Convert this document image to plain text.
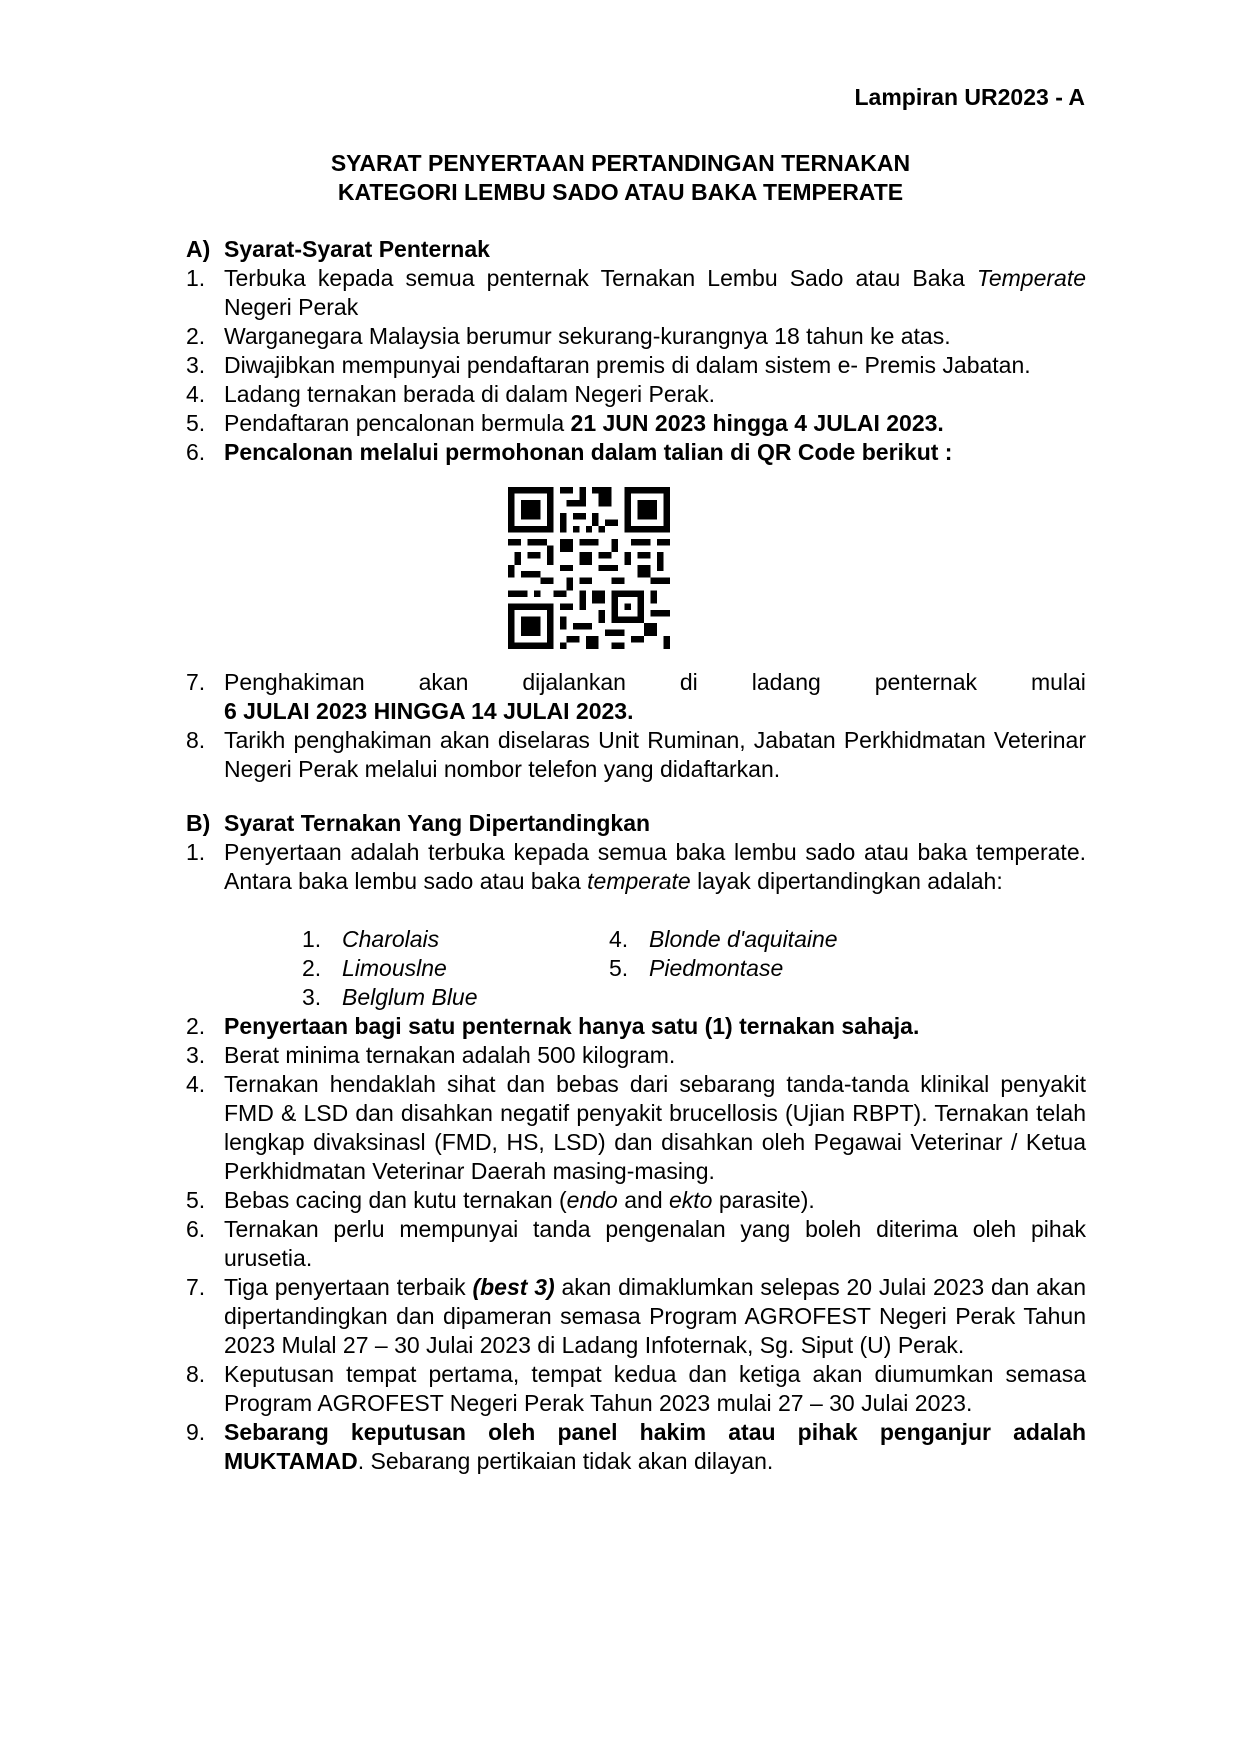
Lampiran UR2023 - A
SYARAT PENYERTAAN PERTANDINGAN TERNAKAN
KATEGORI LEMBU SADO ATAU BAKA TEMPERATE
A) Syarat-Syarat Penternak
1. Terbuka kepada semua penternak Ternakan Lembu Sado atau Baka Temperate Negeri Perak
2. Warganegara Malaysia berumur sekurang-kurangnya 18 tahun ke atas.
3. Diwajibkan mempunyai pendaftaran premis di dalam sistem e- Premis Jabatan.
4. Ladang ternakan berada di dalam Negeri Perak.
5. Pendaftaran pencalonan bermula 21 JUN 2023 hingga 4 JULAI 2023.
6. Pencalonan melalui permohonan dalam talian di QR Code berikut :
7. Penghakiman akan dijalankan di ladang penternak mulai
6 JULAI 2023 HINGGA 14 JULAI 2023.
8. Tarikh penghakiman akan diselaras Unit Ruminan, Jabatan Perkhidmatan Veterinar Negeri Perak melalui nombor telefon yang didaftarkan.
B) Syarat Ternakan Yang Dipertandingkan
1. Penyertaan adalah terbuka kepada semua baka lembu sado atau baka temperate. Antara baka lembu sado atau baka temperate layak dipertandingkan adalah:
1. Charolais
2. Limouslne
3. Belglum Blue
4. Blonde d'aquitaine
5. Piedmontase
2. Penyertaan bagi satu penternak hanya satu (1) ternakan sahaja.
3. Berat minima ternakan adalah 500 kilogram.
4. Ternakan hendaklah sihat dan bebas dari sebarang tanda-tanda klinikal penyakit FMD & LSD dan disahkan negatif penyakit brucellosis (Ujian RBPT). Ternakan telah lengkap divaksinasl (FMD, HS, LSD) dan disahkan oleh Pegawai Veterinar / Ketua Perkhidmatan Veterinar Daerah masing-masing.
5. Bebas cacing dan kutu ternakan (endo and ekto parasite).
6. Ternakan perlu mempunyai tanda pengenalan yang boleh diterima oleh pihak urusetia.
7. Tiga penyertaan terbaik (best 3) akan dimaklumkan selepas 20 Julai 2023 dan akan dipertandingkan dan dipameran semasa Program AGROFEST Negeri Perak Tahun 2023 Mulal 27 – 30 Julai 2023 di Ladang Infoternak, Sg. Siput (U) Perak.
8. Keputusan tempat pertama, tempat kedua dan ketiga akan diumumkan semasa Program AGROFEST Negeri Perak Tahun 2023 mulai 27 – 30 Julai 2023.
9. Sebarang keputusan oleh panel hakim atau pihak penganjur adalah MUKTAMAD. Sebarang pertikaian tidak akan dilayan.
